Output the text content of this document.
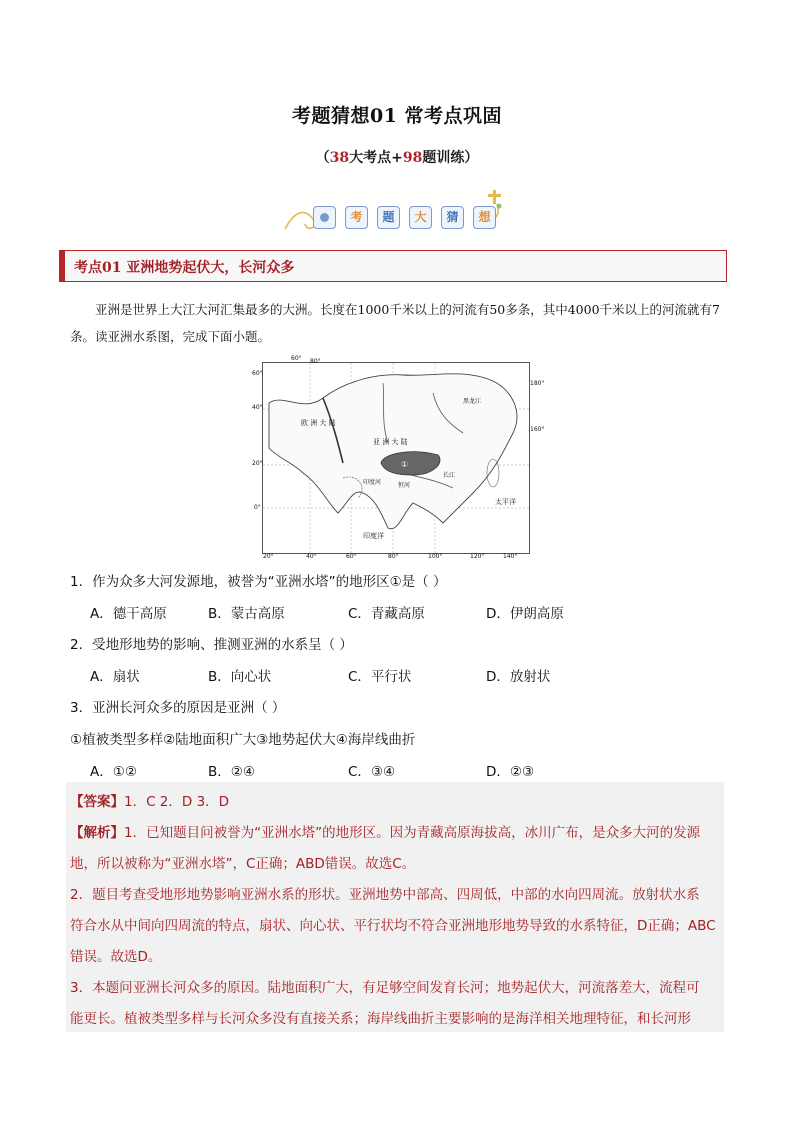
考题猜想01 常考点巩固
（38大考点+98题训练）
考	题	大	猜	想
考点01 亚洲地势起伏大，长河众多
亚洲是世界上大江大河汇集最多的大洲。长度在1000千米以上的河流有50多条，其中4000千米以上的河流就有7条。读亚洲水系图，完成下面小题。
欧 洲 大 陆
亚 洲 大 陆
①
太平洋
印度洋
印度河	恒河
长江
黑龙江
40°
20°
0°
60°
60° 80°
180°
160°
20°	40°	60°	80°	100°	120°	140°
1．作为众多大河发源地，被誉为“亚洲水塔”的地形区①是（ ）
A．德干高原	B．蒙古高原	C．青藏高原	D．伊朗高原
2．受地形地势的影响、推测亚洲的水系呈（ ）
A．扇状	B．向心状	C．平行状	D．放射状
3．亚洲长河众多的原因是亚洲（ ）
①植被类型多样②陆地面积广大③地势起伏大④海岸线曲折
A．①②	B．②④	C．③④	D．②③
【答案】1．C 2．D 3．D
【解析】1．已知题目问被誉为“亚洲水塔”的地形区。因为青藏高原海拔高，冰川广布，是众多大河的发源
地，所以被称为“亚洲水塔”，C正确；ABD错误。故选C。
2．题目考查受地形地势影响亚洲水系的形状。亚洲地势中部高、四周低，中部的水向四周流。放射状水系
符合水从中间向四周流的特点，扇状、向心状、平行状均不符合亚洲地形地势导致的水系特征，D正确；ABC
错误。故选D。
3．本题问亚洲长河众多的原因。陆地面积广大，有足够空间发育长河；地势起伏大，河流落差大，流程可
能更长。植被类型多样与长河众多没有直接关系；海岸线曲折主要影响的是海洋相关地理特征，和长河形
